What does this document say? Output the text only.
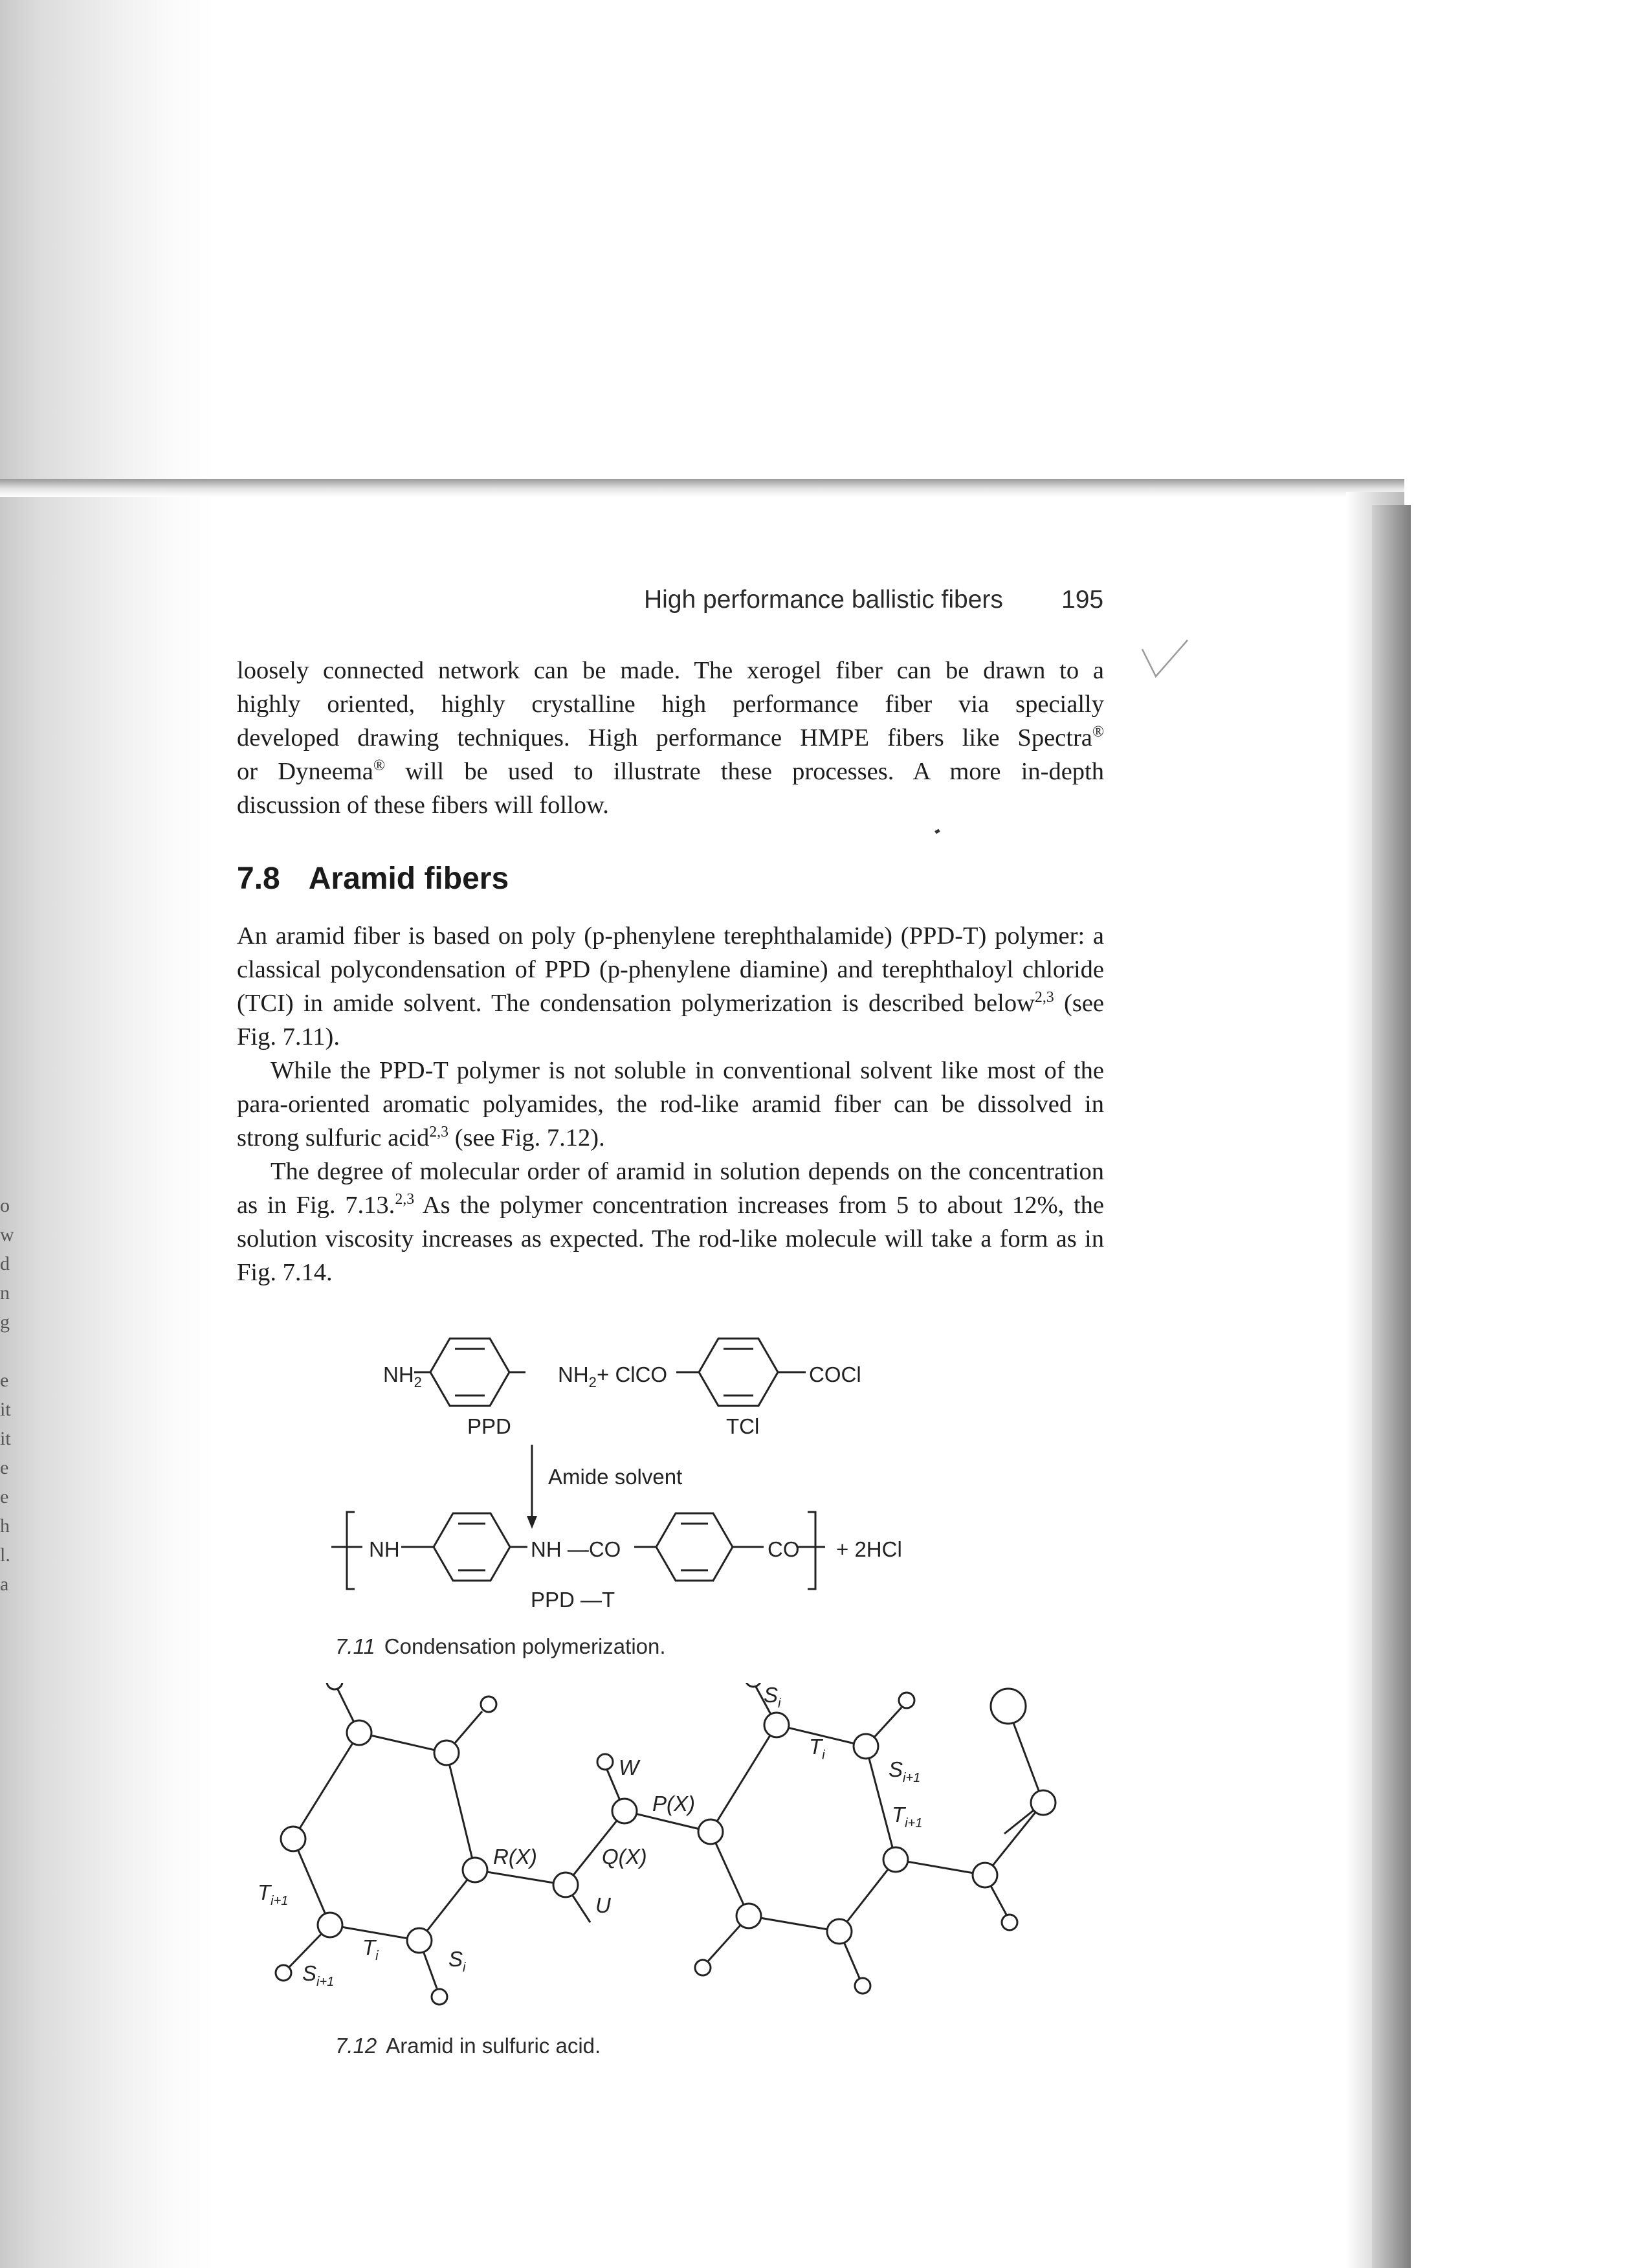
o
w
d
n
g

e
it
it
e
e
h
l.
a
High performance ballistic fibers 195
loosely connected network can be made. The xerogel fiber can be drawn to a
highly oriented, highly crystalline high performance fiber via specially
developed drawing techniques. High performance HMPE fibers like Spectra®
or Dyneema® will be used to illustrate these processes. A more in-depth
discussion of these fibers will follow.
7.8 Aramid fibers

An aramid fiber is based on poly (p-phenylene terephthalamide) (PPD-T) polymer: a classical polycondensation of PPD (p-phenylene diamine) and terephthaloyl chloride (TCI) in amide solvent. The condensation polymerization is described below$^{2,3}$ (see Fig. 7.11).

While the PPD-T polymer is not soluble in conventional solvent like most of the para-oriented aromatic polyamides, the rod-like aramid fiber can be dissolved in strong sulfuric acid$^{2,3}$ (see Fig. 7.12).

The degree of molecular order of aramid in solution depends on the concentration as in Fig. 7.13.$^{2,3}$ As the polymer concentration increases from 5 to about 12%, the solution viscosity increases as expected. The rod-like molecule will take a form as in Fig. 7.14.

$NH_2$	$NH_2$ + ClCO	COCl
PPD	TCl
Amide solvent
NH	NH —CO	CO + 2HCl
PPD —T
7.11 Condensation polymerization.
$S_i$
$T_i$
$S_{i+1}$
$T_{i+1}$
W
P(X)
R(X)	Q(X)
U
$T_{i+1}$
$T_i$
$S_{i+1}$
$S_i$
7.12 Aramid in sulfuric acid.
